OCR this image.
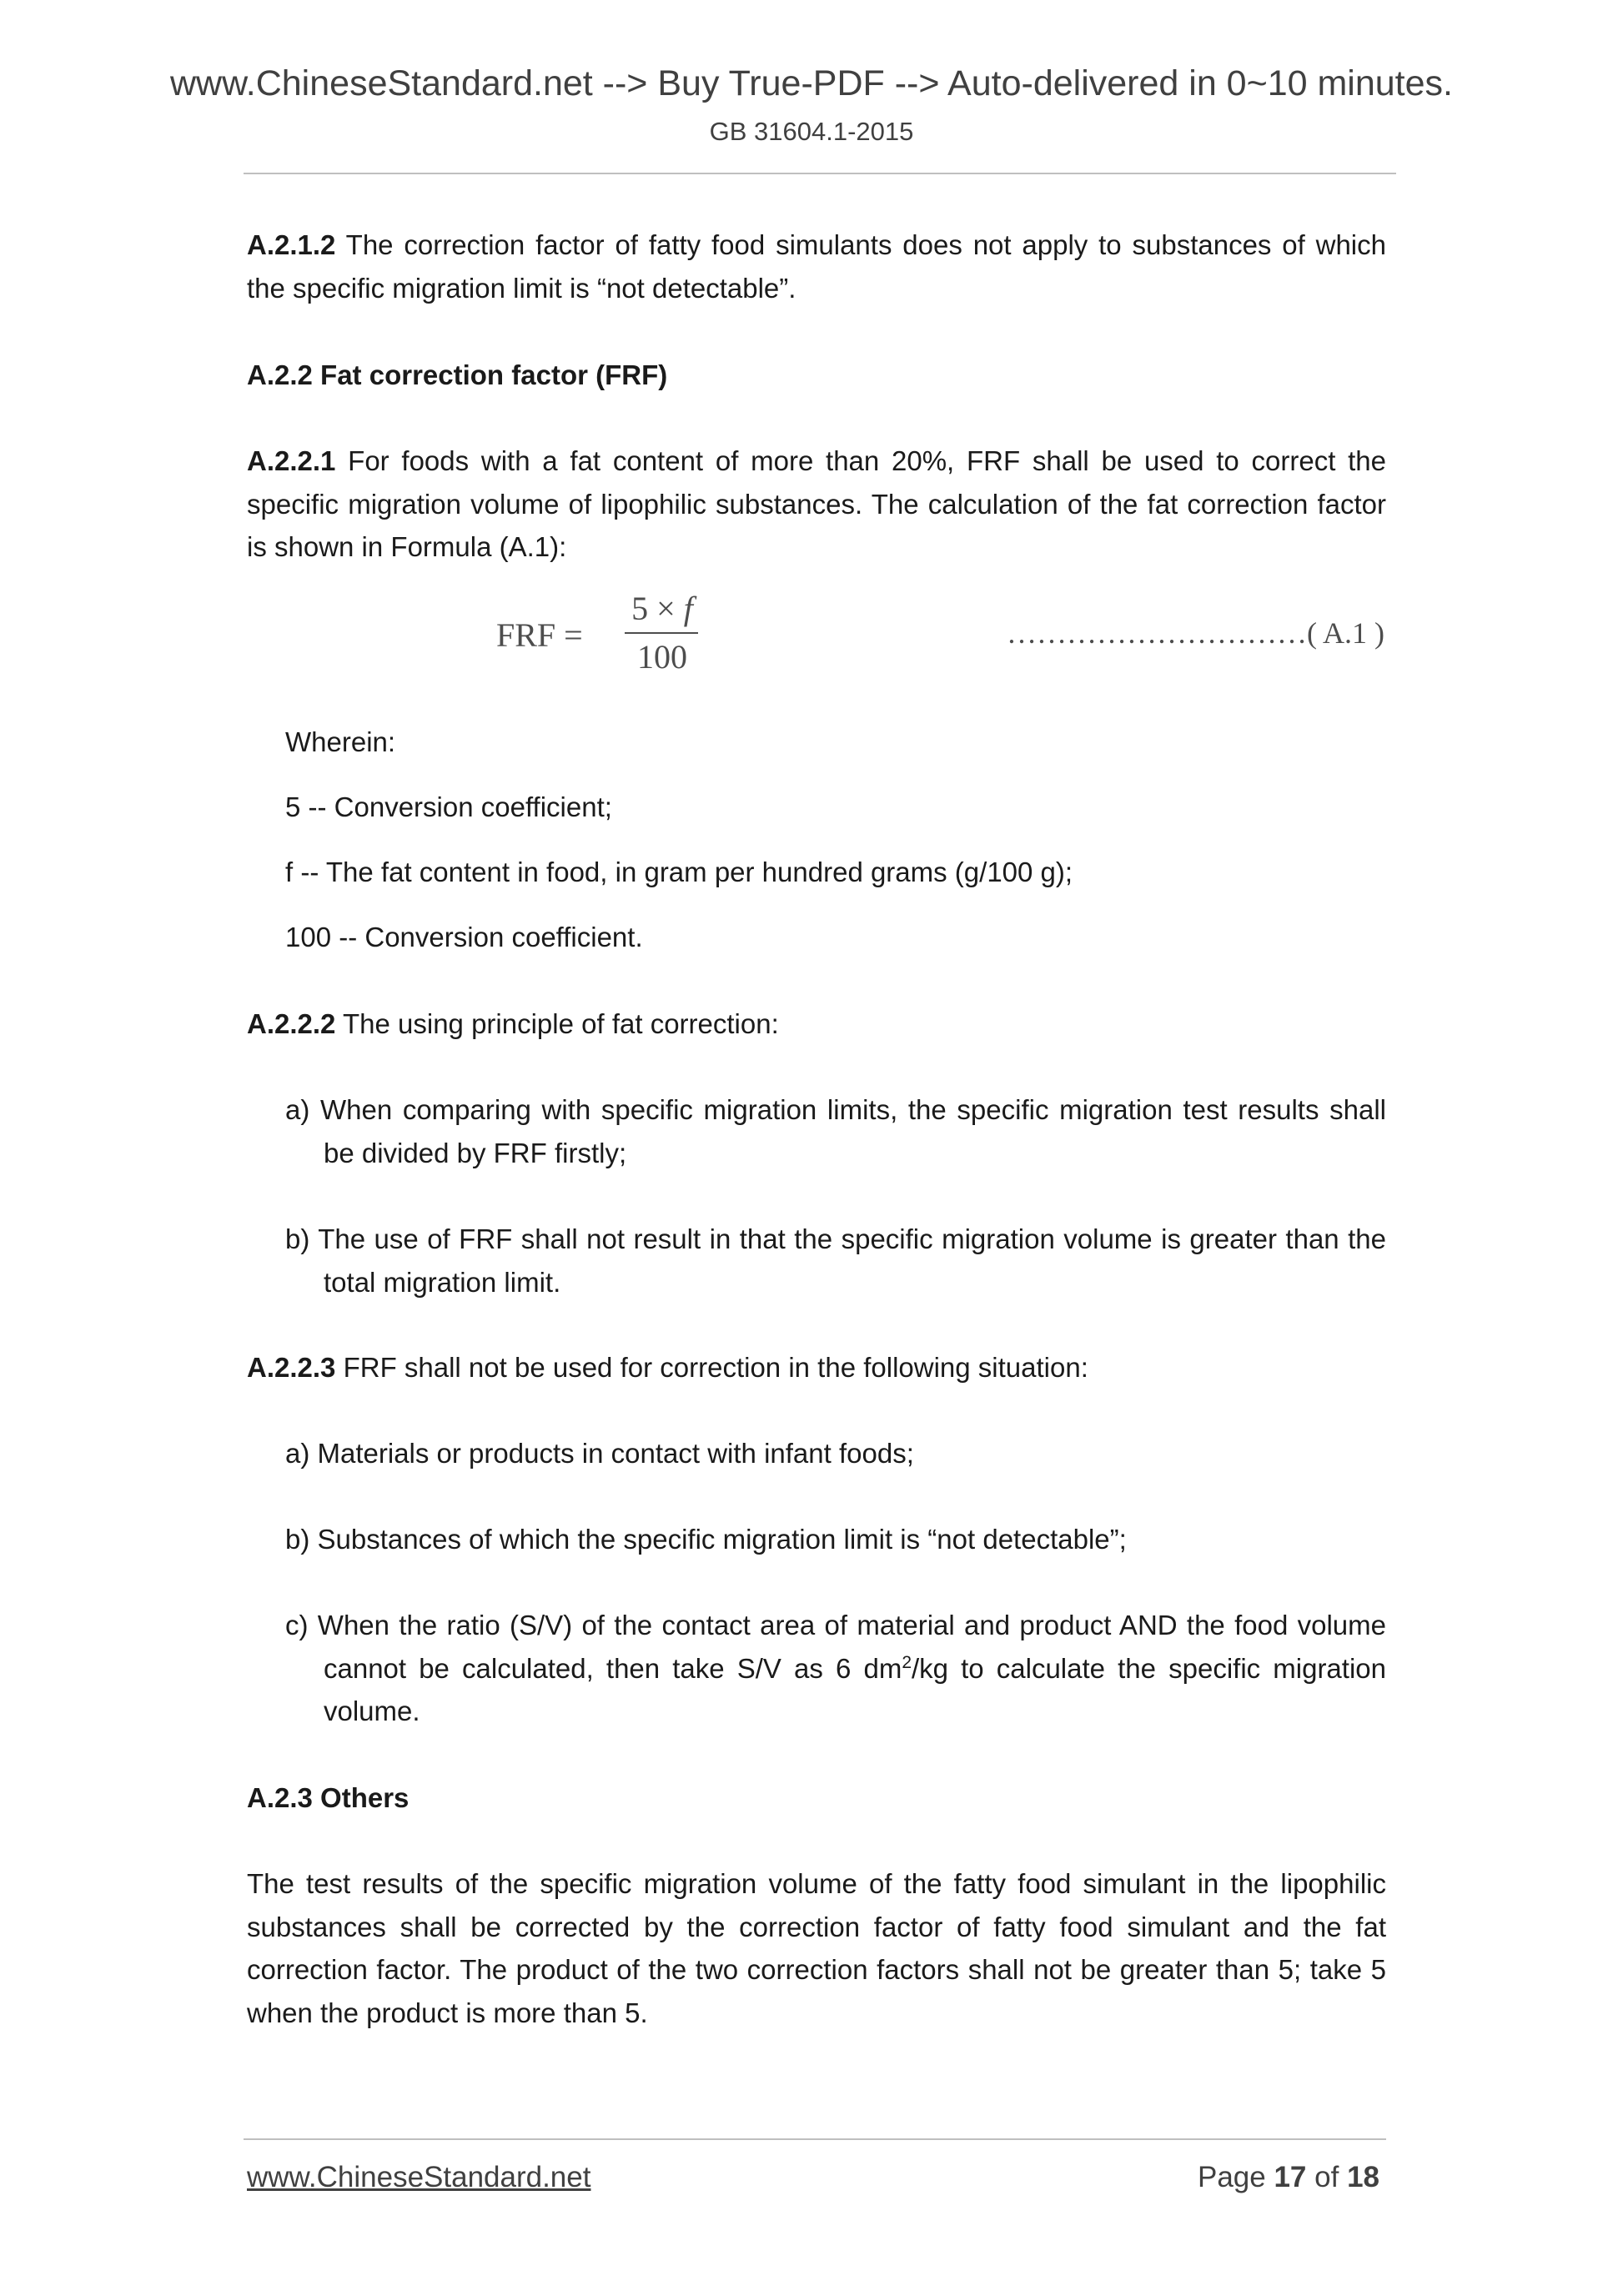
www.ChineseStandard.net --> Buy True-PDF --> Auto-delivered in 0~10 minutes.
GB 31604.1-2015

A.2.1.2 The correction factor of fatty food simulants does not apply to substances of which the specific migration limit is “not detectable”.

A.2.2 Fat correction factor (FRF)

A.2.2.1 For foods with a fat content of more than 20%, FRF shall be used to correct the specific migration volume of lipophilic substances. The calculation of the fat correction factor is shown in Formula (A.1):

Wherein:
5 -- Conversion coefficient;
f -- The fat content in food, in gram per hundred grams (g/100 g);
100 -- Conversion coefficient.

A.2.2.2 The using principle of fat correction:

a) When comparing with specific migration limits, the specific migration test results shall be divided by FRF firstly;
b) The use of FRF shall not result in that the specific migration volume is greater than the total migration limit.

A.2.2.3 FRF shall not be used for correction in the following situation:

a) Materials or products in contact with infant foods;
b) Substances of which the specific migration limit is “not detectable”;
c) When the ratio (S/V) of the contact area of material and product AND the food volume cannot be calculated, then take S/V as 6 $dm^2/kg$ to calculate the specific migration volume.
A.2.3 Others

The test results of the specific migration volume of the fatty food simulant in the lipophilic substances shall be corrected by the correction factor of fatty food simulant and the fat correction factor. The product of the two correction factors shall not be greater than 5; take 5 when the product is more than 5.

FRF =
5 × f
100
…………………………( A.1 )
www.ChineseStandard.net	Page 17 of 18
